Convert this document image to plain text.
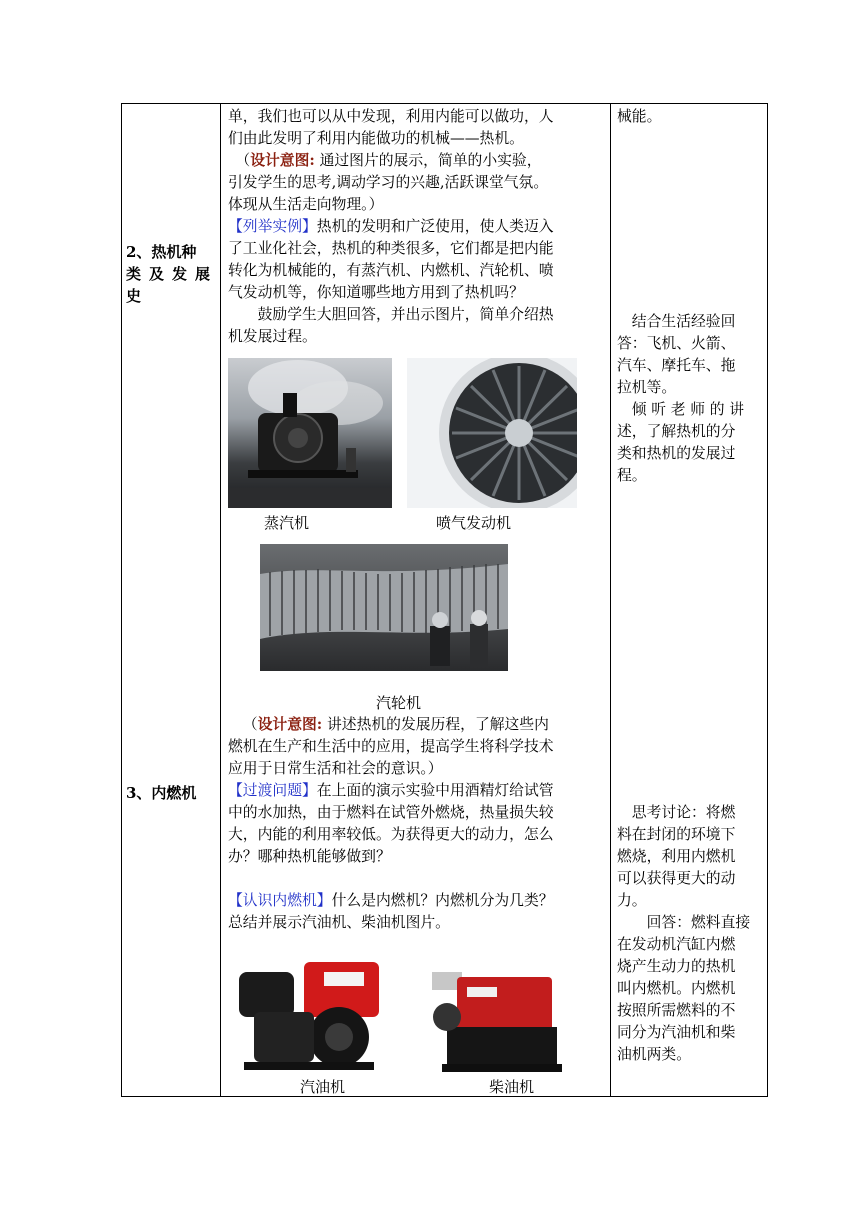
2、热机种
类 及 发 展
史
3、内燃机

单，我们也可以从中发现，利用内能可以做功，人

们由此发明了利用内能做功的机械——热机。

（设计意图: 通过图片的展示，简单的小实验，

引发学生的思考,调动学习的兴趣,活跃课堂气氛。

体现从生活走向物理。）

【列举实例】热机的发明和广泛使用，使人类迈入

了工业化社会，热机的种类很多，它们都是把内能

转化为机械能的，有蒸汽机、内燃机、汽轮机、喷

气发动机等，你知道哪些地方用到了热机吗？

鼓励学生大胆回答，并出示图片，简单介绍热

机发展过程。

蒸汽机	喷气发动机
汽轮机

（设计意图: 讲述热机的发展历程，了解这些内

燃机在生产和生活中的应用，提高学生将科学技术

应用于日常生活和社会的意识。）

【过渡问题】在上面的演示实验中用酒精灯给试管

中的水加热，由于燃料在试管外燃烧，热量损失较

大，内能的利用率较低。为获得更大的动力，怎么

办？哪种热机能够做到？

【认识内燃机】什么是内燃机？内燃机分为几类？

总结并展示汽油机、柴油机图片。

汽油机	柴油机
械能。

结合生活经验回

答：飞机、火箭、

汽车、摩托车、拖

拉机等。

倾 听 老 师 的 讲

述，了解热机的分

类和热机的发展过

程。

思考讨论：将燃

料在封闭的环境下

燃烧，利用内燃机

可以获得更大的动

力。

回答：燃料直接

在发动机汽缸内燃

烧产生动力的热机

叫内燃机。内燃机

按照所需燃料的不

同分为汽油机和柴

油机两类。
